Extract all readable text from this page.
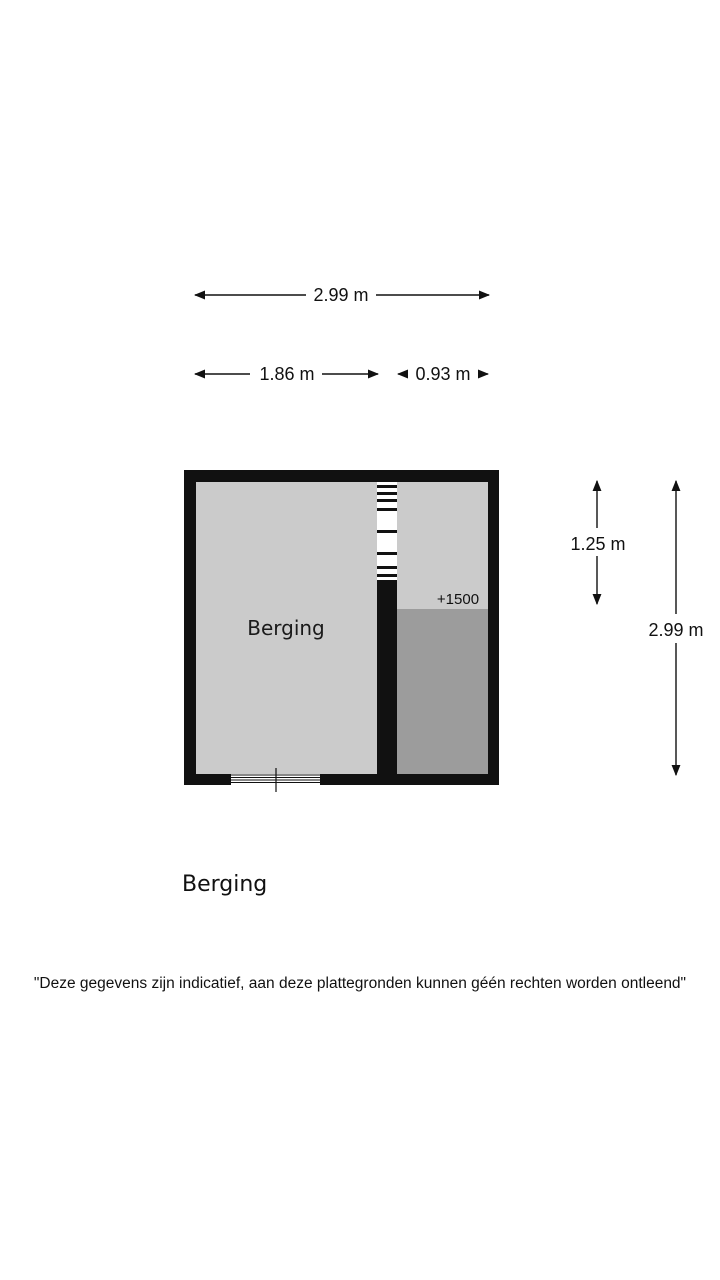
2.99 m
1.86 m	0.93 m
1.25 m
2.99 m
Berging
+1500
Berging
"Deze gegevens zijn indicatief, aan deze plattegronden kunnen géén rechten worden ontleend"
